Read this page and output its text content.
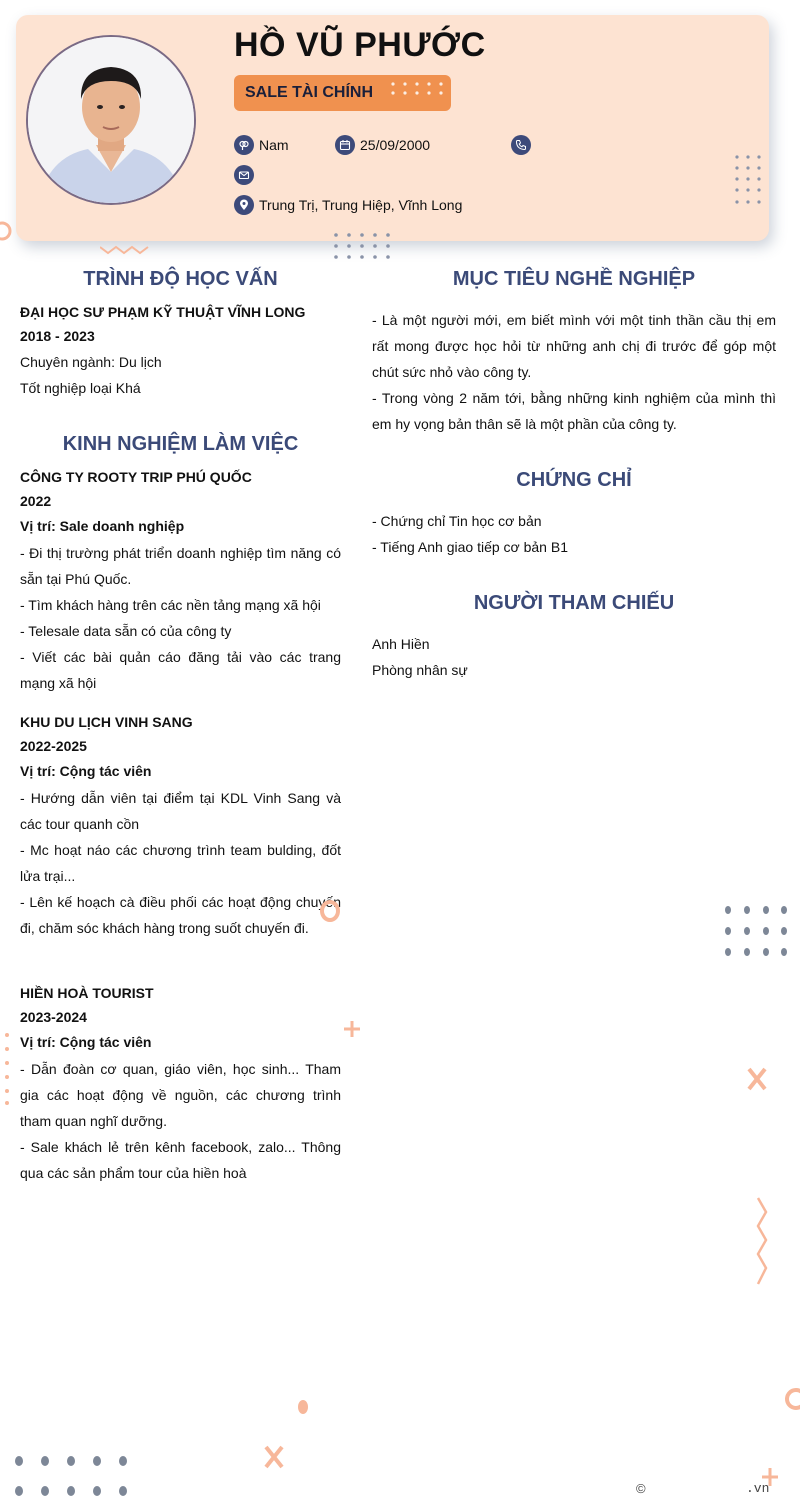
HỒ VŨ PHƯỚC
SALE TÀI CHÍNH
Nam	25/09/2000
Trung Trị, Trung Hiệp, Vĩnh Long
TRÌNH ĐỘ HỌC VẤN
ĐẠI HỌC SƯ PHẠM KỸ THUẬT VĨNH LONG
2018 - 2023
Chuyên ngành: Du lịch
Tốt nghiệp loại Khá
KINH NGHIỆM LÀM VIỆC
CÔNG TY ROOTY TRIP PHÚ QUỐC
2022
Vị trí: Sale doanh nghiệp
- Đi thị trường phát triển doanh nghiệp tìm năng có sẵn tại Phú Quốc.
- Tìm khách hàng trên các nền tảng mạng xã hội
- Telesale data sẵn có của công ty
- Viết các bài quản cáo đăng tải vào các trang mạng xã hội
KHU DU LỊCH VINH SANG
2022-2025
Vị trí: Cộng tác viên
- Hướng dẫn viên tại điểm tại KDL Vinh Sang và các tour quanh cồn
- Mc hoạt náo các chương trình team bulding, đốt lửa trại...
- Lên kế hoạch cà điều phối các hoạt động chuyến đi, chăm sóc khách hàng trong suốt chuyến đi.
HIỀN HOÀ TOURIST
2023-2024
Vị trí: Cộng tác viên
- Dẫn đoàn cơ quan, giáo viên, học sinh... Tham gia các hoạt động về nguồn, các chương trình tham quan nghĩ dưỡng.
- Sale khách lẻ trên kênh facebook, zalo... Thông qua các sản phẩm tour của hiền hoà
MỤC TIÊU NGHỀ NGHIỆP
- Là một người mới, em biết mình với một tinh thần cầu thị em rất mong được học hỏi từ những anh chị đi trước để góp một chút sức nhỏ vào công ty.
- Trong vòng 2 năm tới, bằng những kinh nghiệm của mình thì em hy vọng bản thân sẽ là một phần của công ty.
CHỨNG CHỈ
- Chứng chỉ Tin học cơ bản
- Tiếng Anh giao tiếp cơ bản B1
NGƯỜI THAM CHIẾU
Anh Hiền
Phòng nhân sự
©	.vn
